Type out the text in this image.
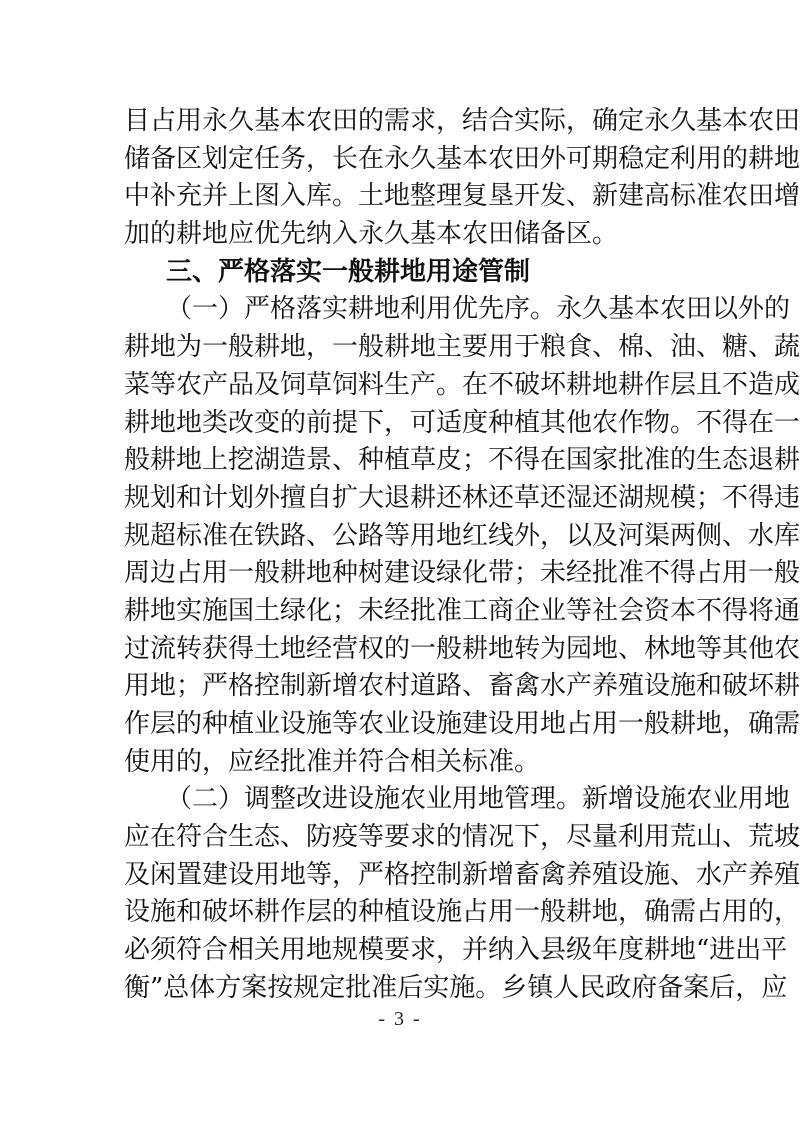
目占用永久基本农田的需求，结合实际，确定永久基本农田
储备区划定任务，长在永久基本农田外可期稳定利用的耕地
中补充并上图入库。土地整理复垦开发、新建高标准农田增
加的耕地应优先纳入永久基本农田储备区。
三、严格落实一般耕地用途管制
（一）严格落实耕地利用优先序。永久基本农田以外的
耕地为一般耕地，一般耕地主要用于粮食、棉、油、糖、蔬
菜等农产品及饲草饲料生产。在不破坏耕地耕作层且不造成
耕地地类改变的前提下，可适度种植其他农作物。不得在一
般耕地上挖湖造景、种植草皮；不得在国家批准的生态退耕
规划和计划外擅自扩大退耕还林还草还湿还湖规模；不得违
规超标准在铁路、公路等用地红线外，以及河渠两侧、水库
周边占用一般耕地种树建设绿化带；未经批准不得占用一般
耕地实施国土绿化；未经批准工商企业等社会资本不得将通
过流转获得土地经营权的一般耕地转为园地、林地等其他农
用地；严格控制新增农村道路、畜禽水产养殖设施和破坏耕
作层的种植业设施等农业设施建设用地占用一般耕地，确需
使用的，应经批准并符合相关标准。
（二）调整改进设施农业用地管理。新增设施农业用地
应在符合生态、防疫等要求的情况下，尽量利用荒山、荒坡
及闲置建设用地等，严格控制新增畜禽养殖设施、水产养殖
设施和破坏耕作层的种植设施占用一般耕地，确需占用的，
必须符合相关用地规模要求，并纳入县级年度耕地“进出平
衡”总体方案按规定批准后实施。乡镇人民政府备案后，应
- 3 -
